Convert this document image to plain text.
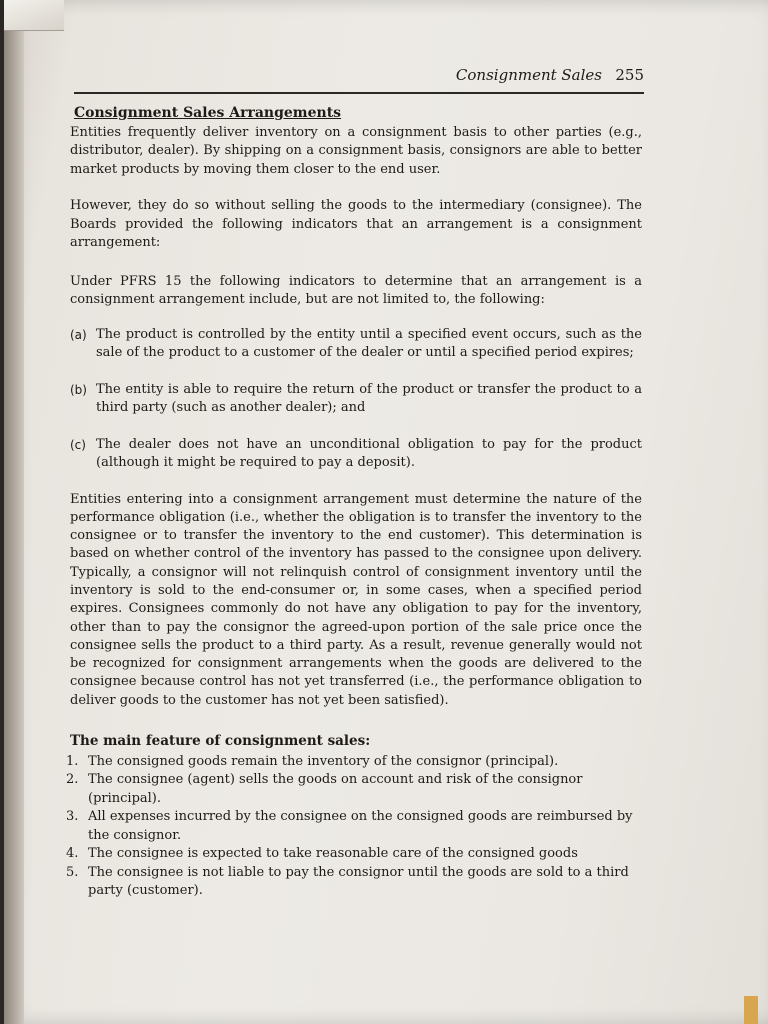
Consignment Sales 255
Consignment Sales Arrangements

Entities frequently deliver inventory on a consignment basis to other parties (e.g., distributor, dealer). By shipping on a consignment basis, consignors are able to better market products by moving them closer to the end user.

However, they do so without selling the goods to the intermediary (consignee). The Boards provided the following indicators that an arrangement is a consignment arrangement:

Under PFRS 15 the following indicators to determine that an arrangement is a consignment arrangement include, but are not limited to, the following:

(a) The product is controlled by the entity until a specified event occurs, such as the sale of the product to a customer of the dealer or until a specified period expires;
(b) The entity is able to require the return of the product or transfer the product to a third party (such as another dealer); and
(c) The dealer does not have an unconditional obligation to pay for the product (although it might be required to pay a deposit).

Entities entering into a consignment arrangement must determine the nature of the performance obligation (i.e., whether the obligation is to transfer the inventory to the consignee or to transfer the inventory to the end customer). This determination is based on whether control of the inventory has passed to the consignee upon delivery. Typically, a consignor will not relinquish control of consignment inventory until the inventory is sold to the end-consumer or, in some cases, when a specified period expires. Consignees commonly do not have any obligation to pay for the inventory, other than to pay the consignor the agreed-upon portion of the sale price once the consignee sells the product to a third party. As a result, revenue generally would not be recognized for consignment arrangements when the goods are delivered to the consignee because control has not yet transferred (i.e., the performance obligation to deliver goods to the customer has not yet been satisfied).

The main feature of consignment sales:
1. The consigned goods remain the inventory of the consignor (principal).
2. The consignee (agent) sells the goods on account and risk of the consignor (principal).
3. All expenses incurred by the consignee on the consigned goods are reimbursed by the consignor.
4. The consignee is expected to take reasonable care of the consigned goods
5. The consignee is not liable to pay the consignor until the goods are sold to a third party (customer).
